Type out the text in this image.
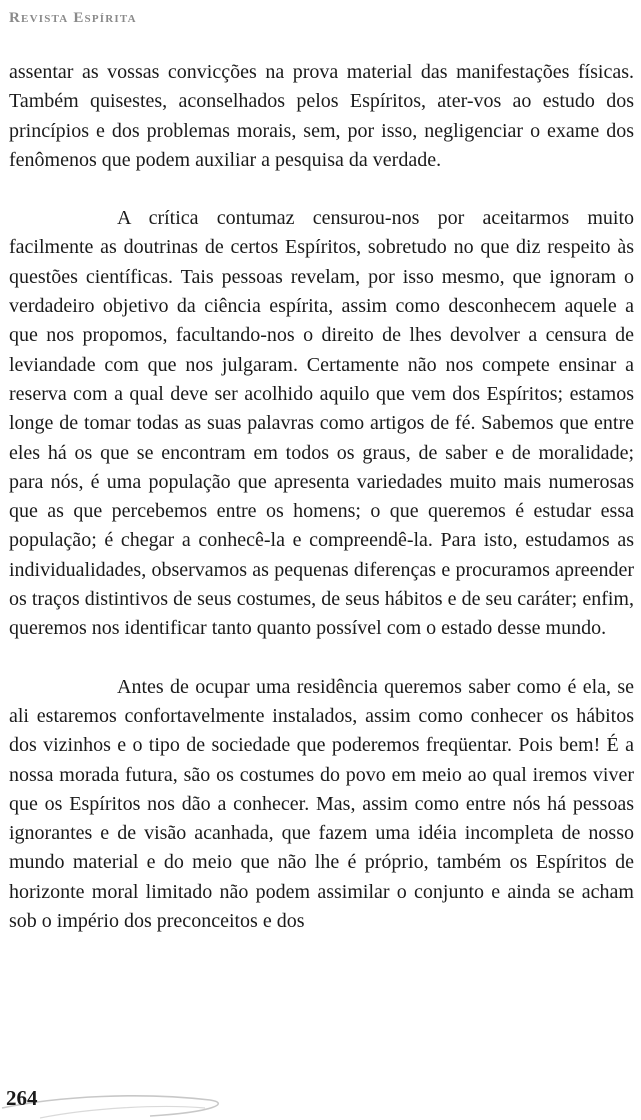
Revista Espírita

assentar as vossas convicções na prova material das manifestações físicas. Também quisestes, aconselhados pelos Espíritos, ater-vos ao estudo dos princípios e dos problemas morais, sem, por isso, negligenciar o exame dos fenômenos que podem auxiliar a pesquisa da verdade.

A crítica contumaz censurou-nos por aceitarmos muito facilmente as doutrinas de certos Espíritos, sobretudo no que diz respeito às questões científicas. Tais pessoas revelam, por isso mesmo, que ignoram o verdadeiro objetivo da ciência espírita, assim como desconhecem aquele a que nos propomos, facultando-nos o direito de lhes devolver a censura de leviandade com que nos julgaram. Certamente não nos compete ensinar a reserva com a qual deve ser acolhido aquilo que vem dos Espíritos; estamos longe de tomar todas as suas palavras como artigos de fé. Sabemos que entre eles há os que se encontram em todos os graus, de saber e de moralidade; para nós, é uma população que apresenta variedades muito mais numerosas que as que percebemos entre os homens; o que queremos é estudar essa população; é chegar a conhecê-la e compreendê-la. Para isto, estudamos as individualidades, observamos as pequenas diferenças e procuramos apreender os traços distintivos de seus costumes, de seus hábitos e de seu caráter; enfim, queremos nos identificar tanto quanto possível com o estado desse mundo.

Antes de ocupar uma residência queremos saber como é ela, se ali estaremos confortavelmente instalados, assim como conhecer os hábitos dos vizinhos e o tipo de sociedade que poderemos freqüentar. Pois bem! É a nossa morada futura, são os costumes do povo em meio ao qual iremos viver que os Espíritos nos dão a conhecer. Mas, assim como entre nós há pessoas ignorantes e de visão acanhada, que fazem uma idéia incompleta de nosso mundo material e do meio que não lhe é próprio, também os Espíritos de horizonte moral limitado não podem assimilar o conjunto e ainda se acham sob o império dos preconceitos e dos

264
